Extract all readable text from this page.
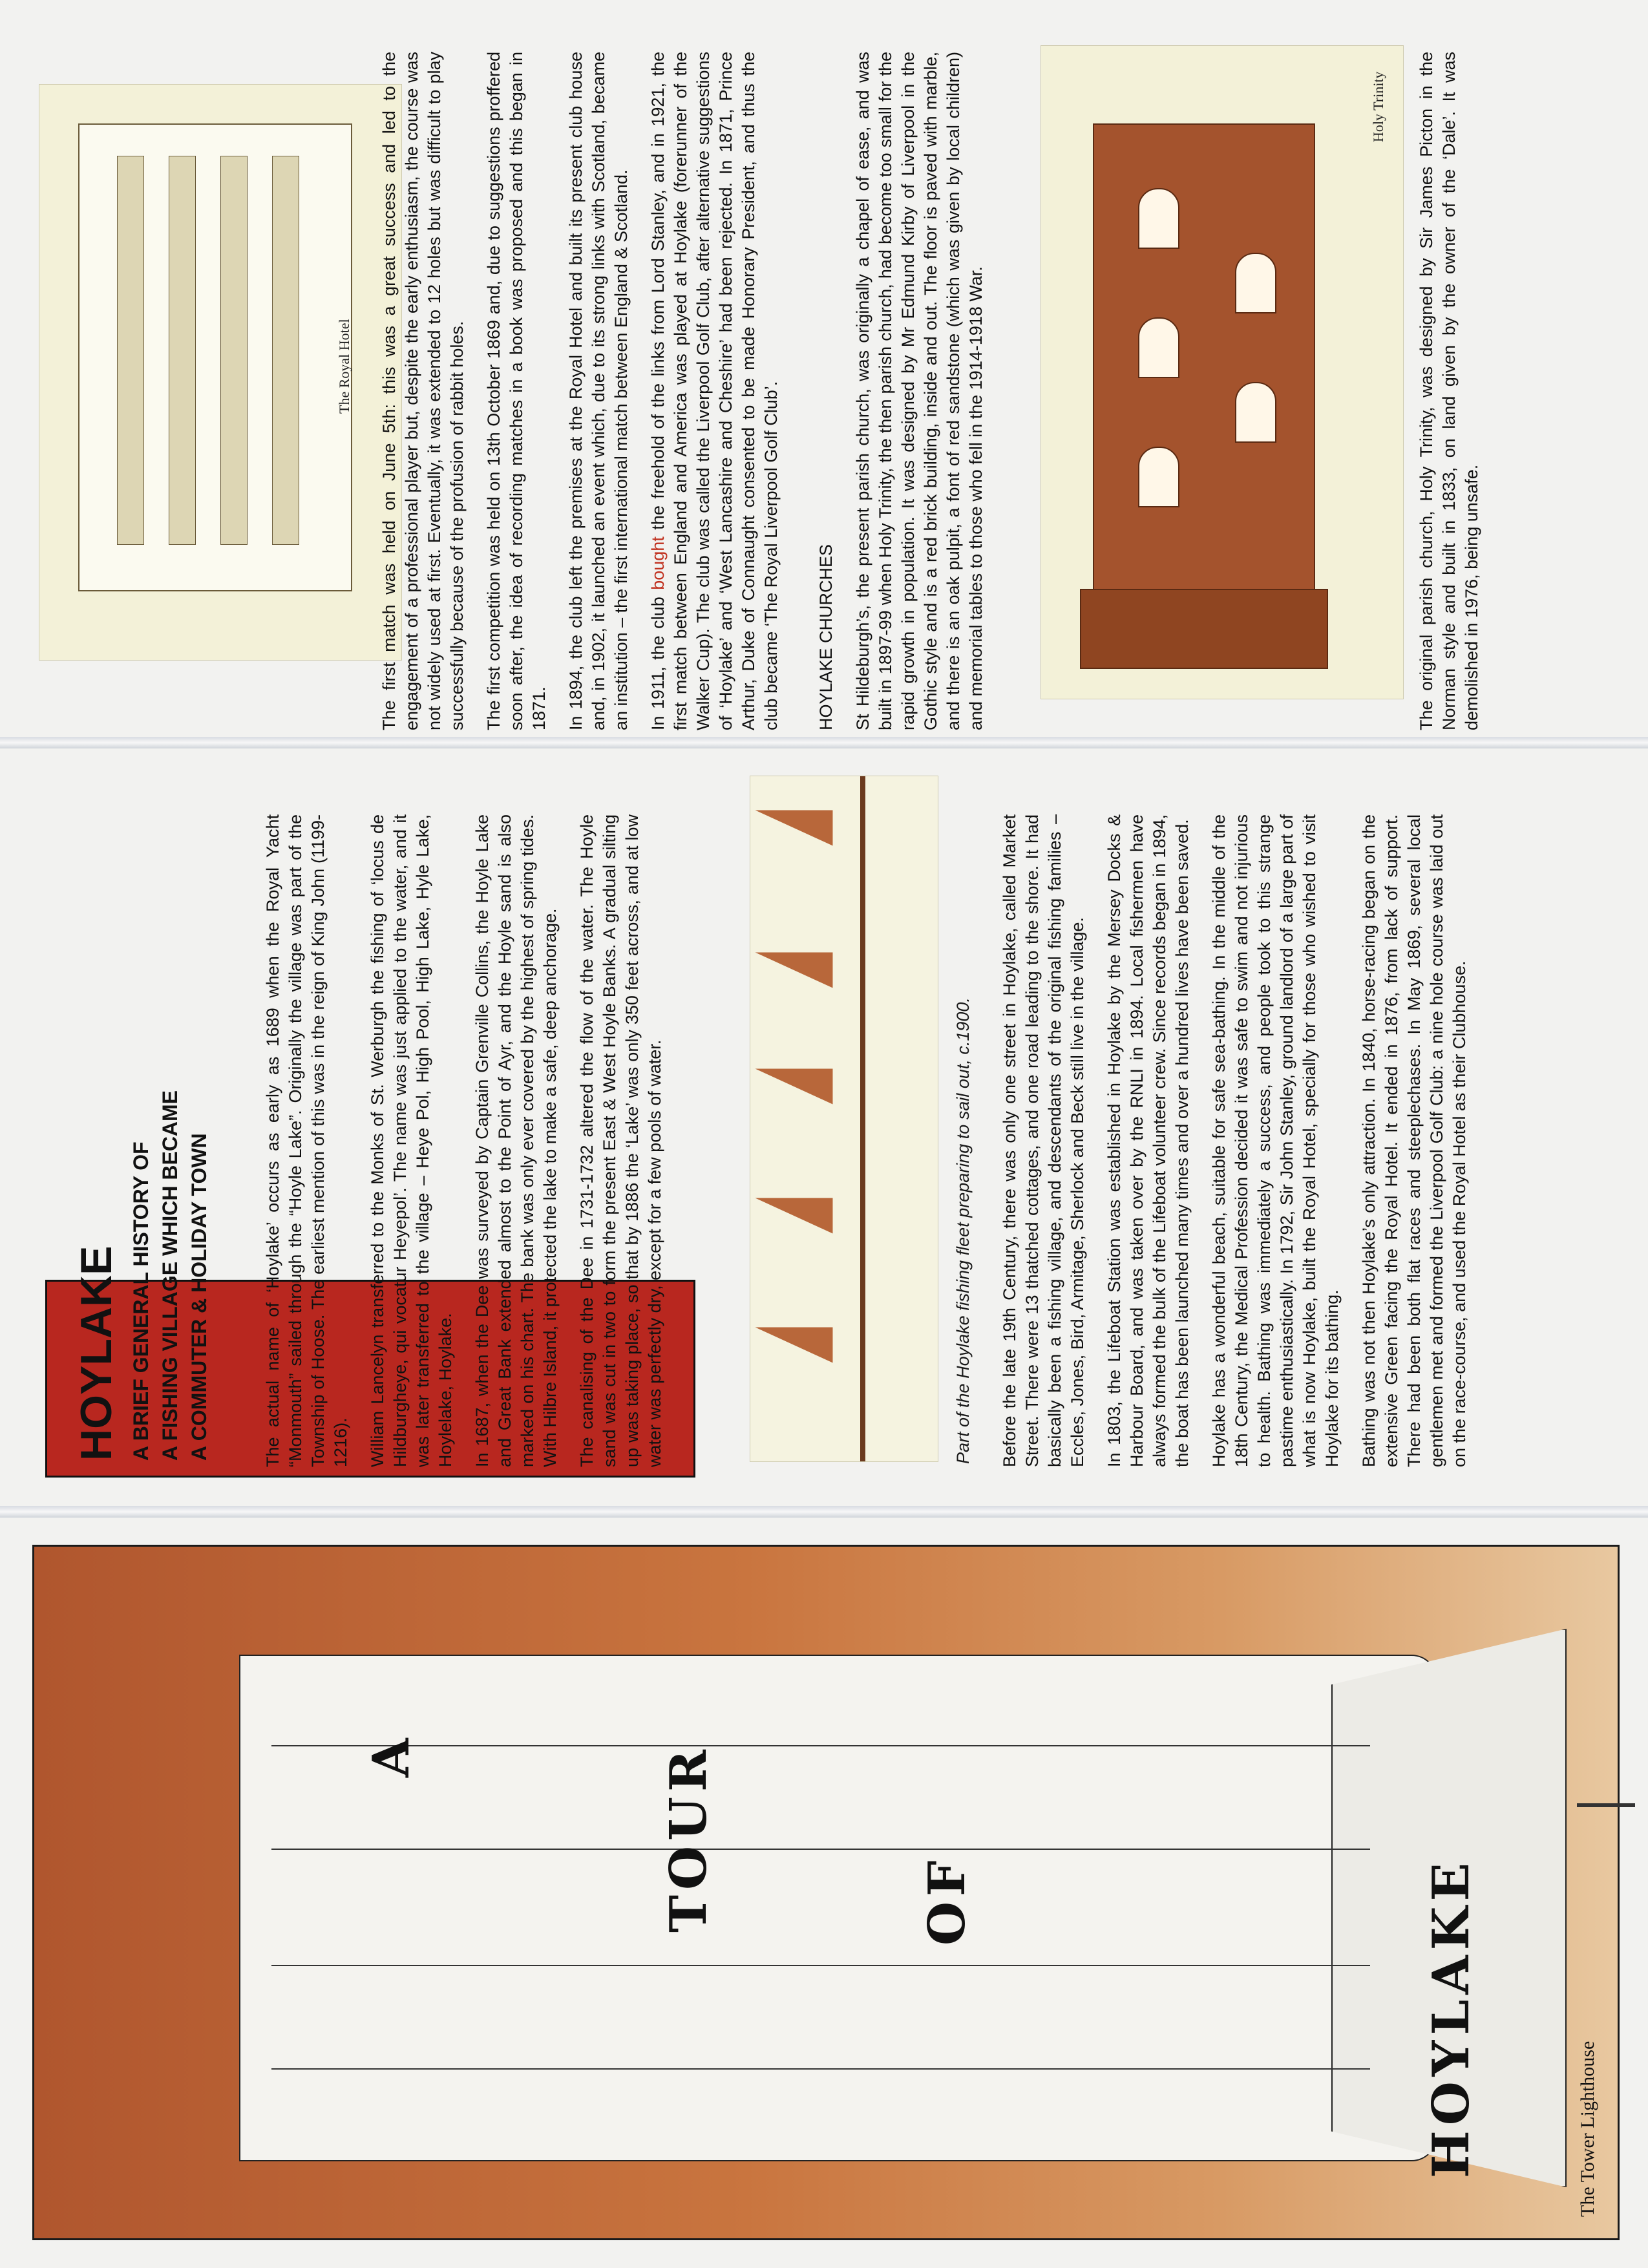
A	TOUR	OF	HOYLAKE	The Tower Lighthouse
HOYLAKE A BRIEF GENERAL HISTORY OF A FISHING VILLAGE WHICH BECAME A COMMUTER & HOLIDAY TOWN	The actual name of ‘Hoylake’ occurs as early as 1689 when the Royal Yacht “Monmouth” sailed through the “Hoyle Lake”. Originally the village was part of the Township of Hoose. The earliest mention of this was in the reign of King John (1199-1216). William Lancelyn transferred to the Monks of St. Werburgh the fishing of ‘locus de Hildburgheye, qui vocatur Heyepol’. The name was just applied to the water, and it was later transferred to the village – Heye Pol, High Pool, High Lake, Hyle Lake, Hoylelake, Hoylake. In 1687, when the Dee was surveyed by Captain Grenville Collins, the Hoyle Lake and Great Bank extended almost to the Point of Ayr, and the Hoyle sand is also marked on his chart. The bank was only ever covered by the highest of spring tides. With Hilbre Island, it protected the lake to make a safe, deep anchorage. The canalising of the Dee in 1731-1732 altered the flow of the water. The Hoyle sand was cut in two to form the present East & West Hoyle Banks. A gradual silting up was taking place, so that by 1886 the ‘Lake’ was only 350 feet across, and at low water was perfectly dry, except for a few pools of water.	Part of the Hoylake fishing fleet preparing to sail out, c.1900. Before the late 19th Century, there was only one street in Hoylake, called Market Street. There were 13 thatched cottages, and one road leading to the shore. It had basically been a fishing village, and descendants of the original fishing families – Eccles, Jones, Bird, Armitage, Sherlock and Beck still live in the village. In 1803, the Lifeboat Station was established in Hoylake by the Mersey Docks & Harbour Board, and was taken over by the RNLI in 1894. Local fishermen have always formed the bulk of the Lifeboat volunteer crew. Since records began in 1894, the boat has been launched many times and over a hundred lives have been saved. Hoylake has a wonderful beach, suitable for safe sea-bathing. In the middle of the 18th Century, the Medical Profession decided it was safe to swim and not injurious to health. Bathing was immediately a success, and people took to this strange pastime enthusiastically. In 1792, Sir John Stanley, ground landlord of a large part of what is now Hoylake, built the Royal Hotel, specially for those who wished to visit Hoylake for its bathing. Bathing was not then Hoylake’s only attraction. In 1840, horse-racing began on the extensive Green facing the Royal Hotel. It ended in 1876, from lack of support. There had been both flat races and steeplechases. In May 1869, several local gentlemen met and formed the Liverpool Golf Club: a nine hole course was laid out on the race-course, and used the Royal Hotel as their Clubhouse.

The Royal Hotel The first match was held on June 5th: this was a great success and led to the engagement of a professional player but, despite the early enthusiasm, the course was not widely used at first. Eventually, it was extended to 12 holes but was difficult to play successfully because of the profusion of rabbit holes. The first competition was held on 13th October 1869 and, due to suggestions proffered soon after, the idea of recording matches in a book was proposed and this began in 1871. In 1894, the club left the premises at the Royal Hotel and built its present club house and, in 1902, it launched an event which, due to its strong links with Scotland, became an institution – the first international match between England & Scotland. In 1911, the club bought the freehold of the links from Lord Stanley, and in 1921, the first match between England and America was played at Hoylake (forerunner of the Walker Cup). The club was called the Liverpool Golf Club, after alternative suggestions of ‘Hoylake’ and ‘West Lancashire and Cheshire’ had been rejected. In 1871, Prince Arthur, Duke of Connaught consented to be made Honorary President, and thus the club became ‘The Royal Liverpool Golf Club’. HOYLAKE CHURCHES St Hildeburgh’s, the present parish church, was originally a chapel of ease, and was built in 1897-99 when Holy Trinity, the then parish church, had become too small for the rapid growth in population. It was designed by Mr Edmund Kirby of Liverpool in the Gothic style and is a red brick building, inside and out. The floor is paved with marble, and there is an oak pulpit, a font of red sandstone (which was given by local children) and memorial tables to those who fell in the 1914-1918 War.

Holy Trinity The original parish church, Holy Trinity, was designed by Sir James Picton in the Norman style and built in 1833, on land given by the owner of the ‘Dale’. It was demolished in 1976, being unsafe.
